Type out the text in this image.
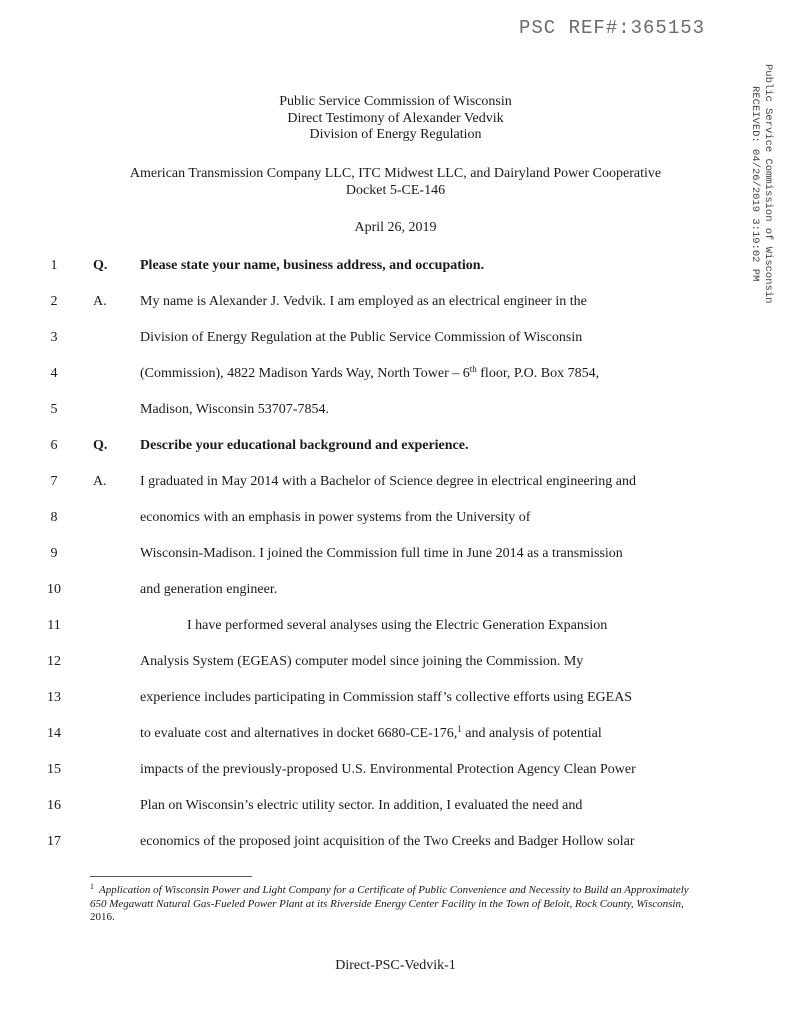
PSC REF#:365153
Public Service Commission of Wisconsin
RECEIVED: 04/26/2019 3:19:02 PM
Public Service Commission of Wisconsin
Direct Testimony of Alexander Vedvik
Division of Energy Regulation
American Transmission Company LLC, ITC Midwest LLC, and Dairyland Power Cooperative
Docket 5-CE-146
April 26, 2019
1	Q. Please state your name, business address, and occupation.
2	A. My name is Alexander J. Vedvik. I am employed as an electrical engineer in the
3	Division of Energy Regulation at the Public Service Commission of Wisconsin
4	(Commission), 4822 Madison Yards Way, North Tower – 6th floor, P.O. Box 7854,
5	Madison, Wisconsin 53707-7854.
6	Q. Describe your educational background and experience.
7	A. I graduated in May 2014 with a Bachelor of Science degree in electrical engineering and
8	economics with an emphasis in power systems from the University of
9	Wisconsin-Madison. I joined the Commission full time in June 2014 as a transmission
10	and generation engineer.
11	I have performed several analyses using the Electric Generation Expansion
12	Analysis System (EGEAS) computer model since joining the Commission. My
13	experience includes participating in Commission staff’s collective efforts using EGEAS
14	to evaluate cost and alternatives in docket 6680-CE-176,$^1$ and analysis of potential
15	impacts of the previously-proposed U.S. Environmental Protection Agency Clean Power
16	Plan on Wisconsin’s electric utility sector. In addition, I evaluated the need and
17	economics of the proposed joint acquisition of the Two Creeks and Badger Hollow solar
$^1$ Application of Wisconsin Power and Light Company for a Certificate of Public Convenience and Necessity to Build an Approximately 650 Megawatt Natural Gas-Fueled Power Plant at its Riverside Energy Center Facility in the Town of Beloit, Rock County, Wisconsin, 2016.
Direct-PSC-Vedvik-1
